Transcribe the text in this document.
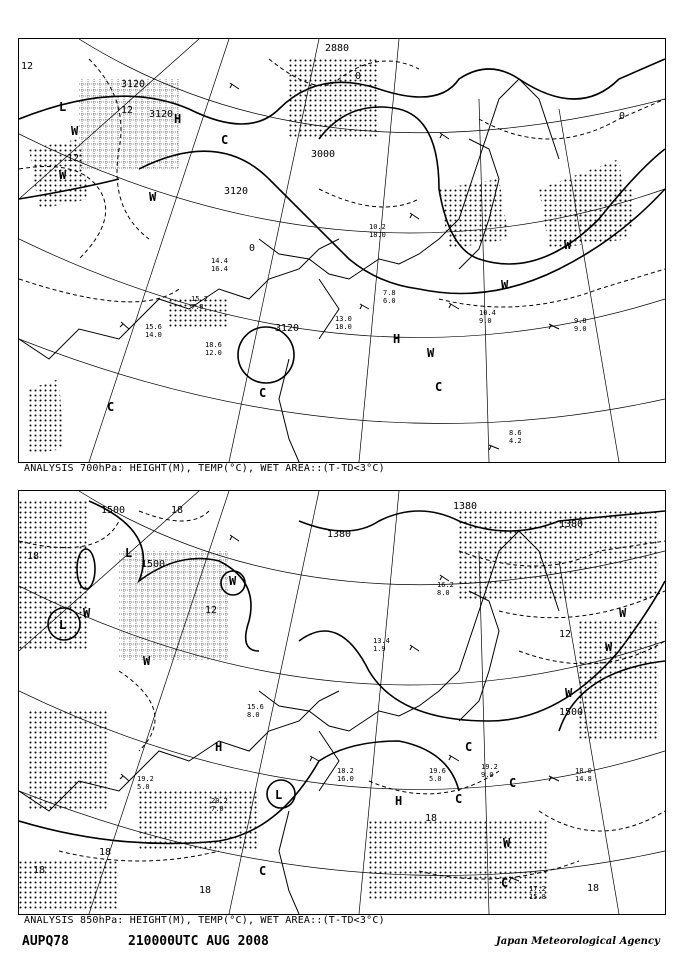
2880
3000
3120
3120
3120
3120
12
12
12
0
0
0
L
H
W
W
W
W
C
C	C
H
W
C
W
10.4
9.0	9.8
9.0
8.6
4.2
15.2
7.8
13.0
18.0
14.4
16.4
15.6
14.0
18.6
12.0
10.2
18.0
7.8
6.0
ANALYSIS 700hPa: HEIGHT(M), TEMP(°C), WET AREA::(T-TD<3°C)
1500
1500
1500
1380
1380
1380
18
18
18
18
18
18	18
12
12
L
W
L
W
H
L
W
H	C
C
W
W
C
C
W
C
W
13.4
1.9
16.2
8.0
19.2
9.0
19.6
5.0
18.0
14.8
17.2
15.8
20.2
7.0
19.2
5.0
15.6
8.0
18.2
16.0
ANALYSIS 850hPa: HEIGHT(M), TEMP(°C), WET AREA::(T-TD<3°C)
AUPQ78	210000UTC AUG 2008	Japan Meteorological Agency
